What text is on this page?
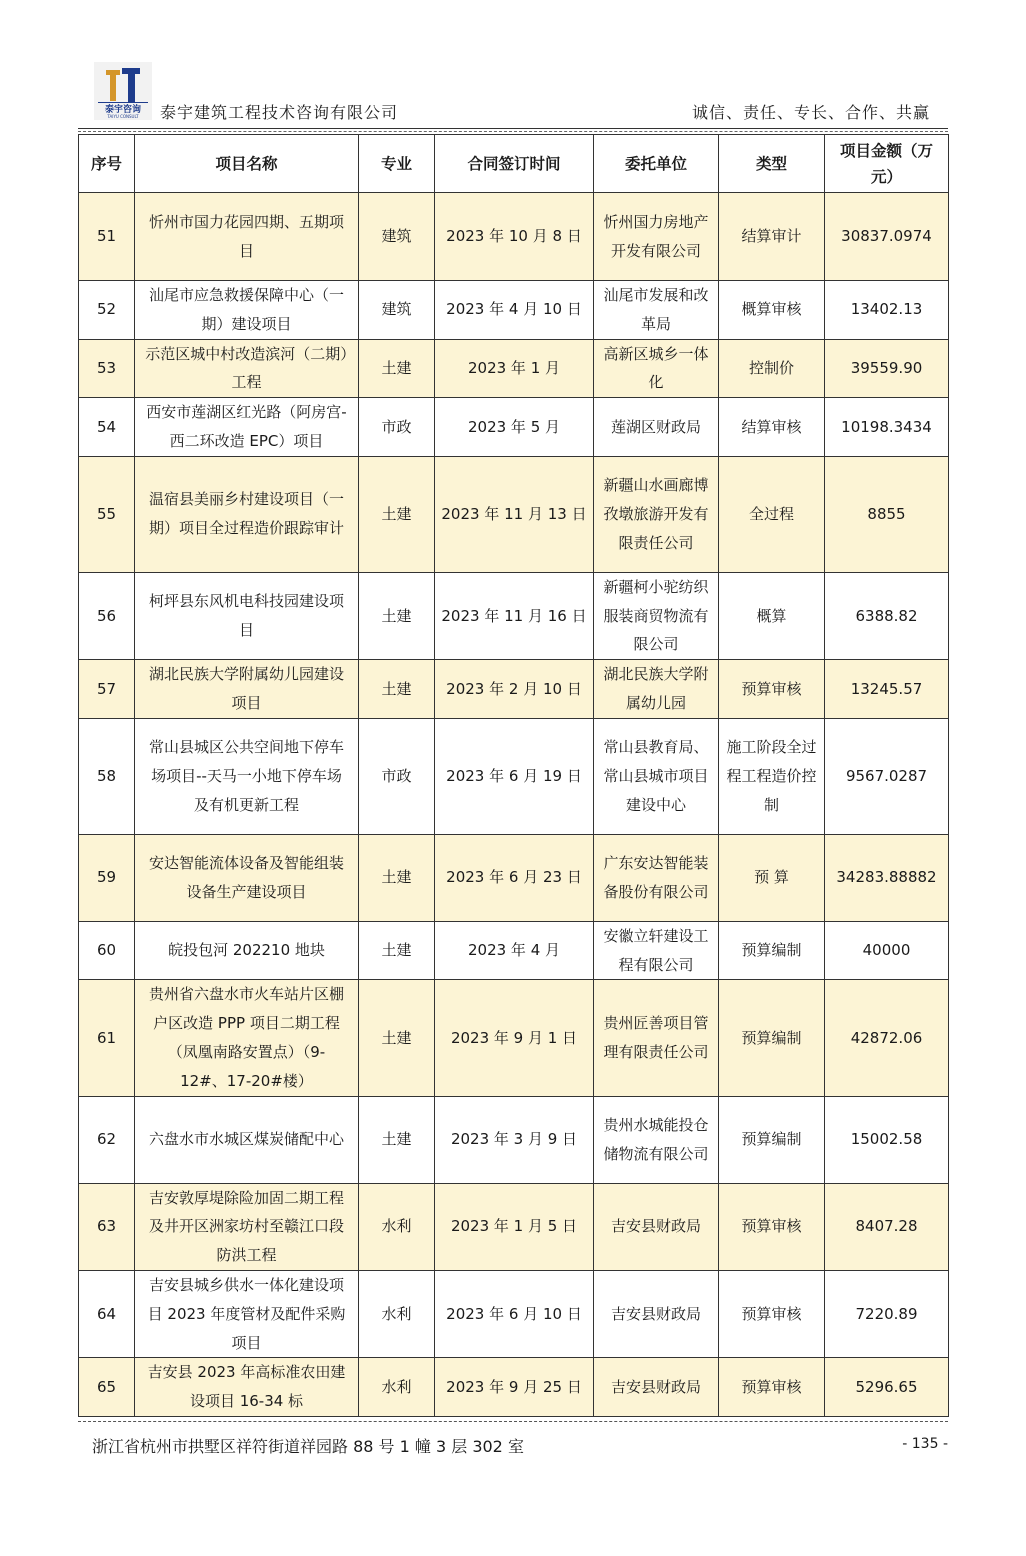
泰宇咨询
TAIYU CONSULT 泰宇建筑工程技术咨询有限公司	诚信、责任、专长、合作、共赢
序号	项目名称	专业	合同签订时间	委托单位	类型	项目金额（万元）
51	忻州市国力花园四期、五期项目	建筑	2023 年 10 月 8 日	忻州国力房地产开发有限公司	结算审计	30837.0974
52	汕尾市应急救援保障中心（一期）建设项目	建筑	2023 年 4 月 10 日	汕尾市发展和改革局	概算审核	13402.13
53	示范区城中村改造滨河（二期）工程	土建	2023 年 1 月	高新区城乡一体化	控制价	39559.90
54	西安市莲湖区红光路（阿房宫-西二环改造 EPC）项目	市政	2023 年 5 月	莲湖区财政局	结算审核	10198.3434
55	温宿县美丽乡村建设项目（一期）项目全过程造价跟踪审计	土建	2023 年 11 月 13 日	新疆山水画廊博孜墩旅游开发有限责任公司	全过程	8855
56	柯坪县东风机电科技园建设项目	土建	2023 年 11 月 16 日	新疆柯小驼纺织服装商贸物流有限公司	概算	6388.82
57	湖北民族大学附属幼儿园建设项目	土建	2023 年 2 月 10 日	湖北民族大学附属幼儿园	预算审核	13245.57
58	常山县城区公共空间地下停车场项目--天马一小地下停车场及有机更新工程	市政	2023 年 6 月 19 日	常山县教育局、常山县城市项目建设中心	施工阶段全过程工程造价控制	9567.0287
59	安达智能流体设备及智能组装设备生产建设项目	土建	2023 年 6 月 23 日	广东安达智能装备股份有限公司	预 算	34283.88882
60	皖投包河 202210 地块	土建	2023 年 4 月	安徽立轩建设工程有限公司	预算编制	40000
61	贵州省六盘水市火车站片区棚户区改造 PPP 项目二期工程（凤凰南路安置点）（9-12#、17-20#楼）	土建	2023 年 9 月 1 日	贵州匠善项目管理有限责任公司	预算编制	42872.06
62	六盘水市水城区煤炭储配中心	土建	2023 年 3 月 9 日	贵州水城能投仓储物流有限公司	预算编制	15002.58
63	吉安敦厚堤除险加固二期工程及井开区洲家坊村至赣江口段防洪工程	水利	2023 年 1 月 5 日	吉安县财政局	预算审核	8407.28
64	吉安县城乡供水一体化建设项目 2023 年度管材及配件采购项目	水利	2023 年 6 月 10 日	吉安县财政局	预算审核	7220.89
65	吉安县 2023 年高标准农田建设项目 16-34 标	水利	2023 年 9 月 25 日	吉安县财政局	预算审核	5296.65
浙江省杭州市拱墅区祥符街道祥园路 88 号 1 幢 3 层 302 室	- 135 -
